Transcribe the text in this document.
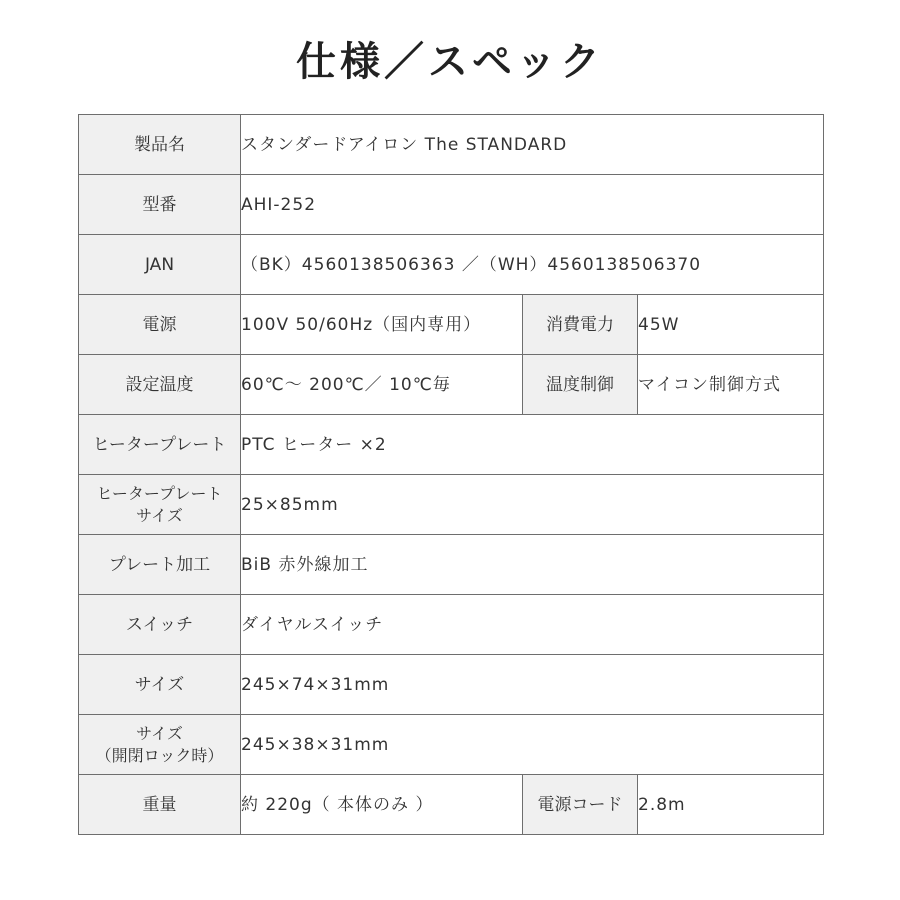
仕様／スペック
製品名	スタンダードアイロン The STANDARD		
型番	AHI-252		
JAN	（BK）4560138506363 ／（WH）4560138506370		
電源	100V 50/60Hz（国内専用）	消費電力	45W
設定温度	60℃～ 200℃／ 10℃毎	温度制御	マイコン制御方式
ヒータープレート	PTC ヒーター ×2		

ヒータープレート
サイズ	25×85mm		
プレート加工	BiB 赤外線加工		
スイッチ	ダイヤルスイッチ		
サイズ	245×74×31mm		

サイズ
（開閉ロック時）	245×38×31mm		
重量	約 220g（ 本体のみ ）	電源コード	2.8m
